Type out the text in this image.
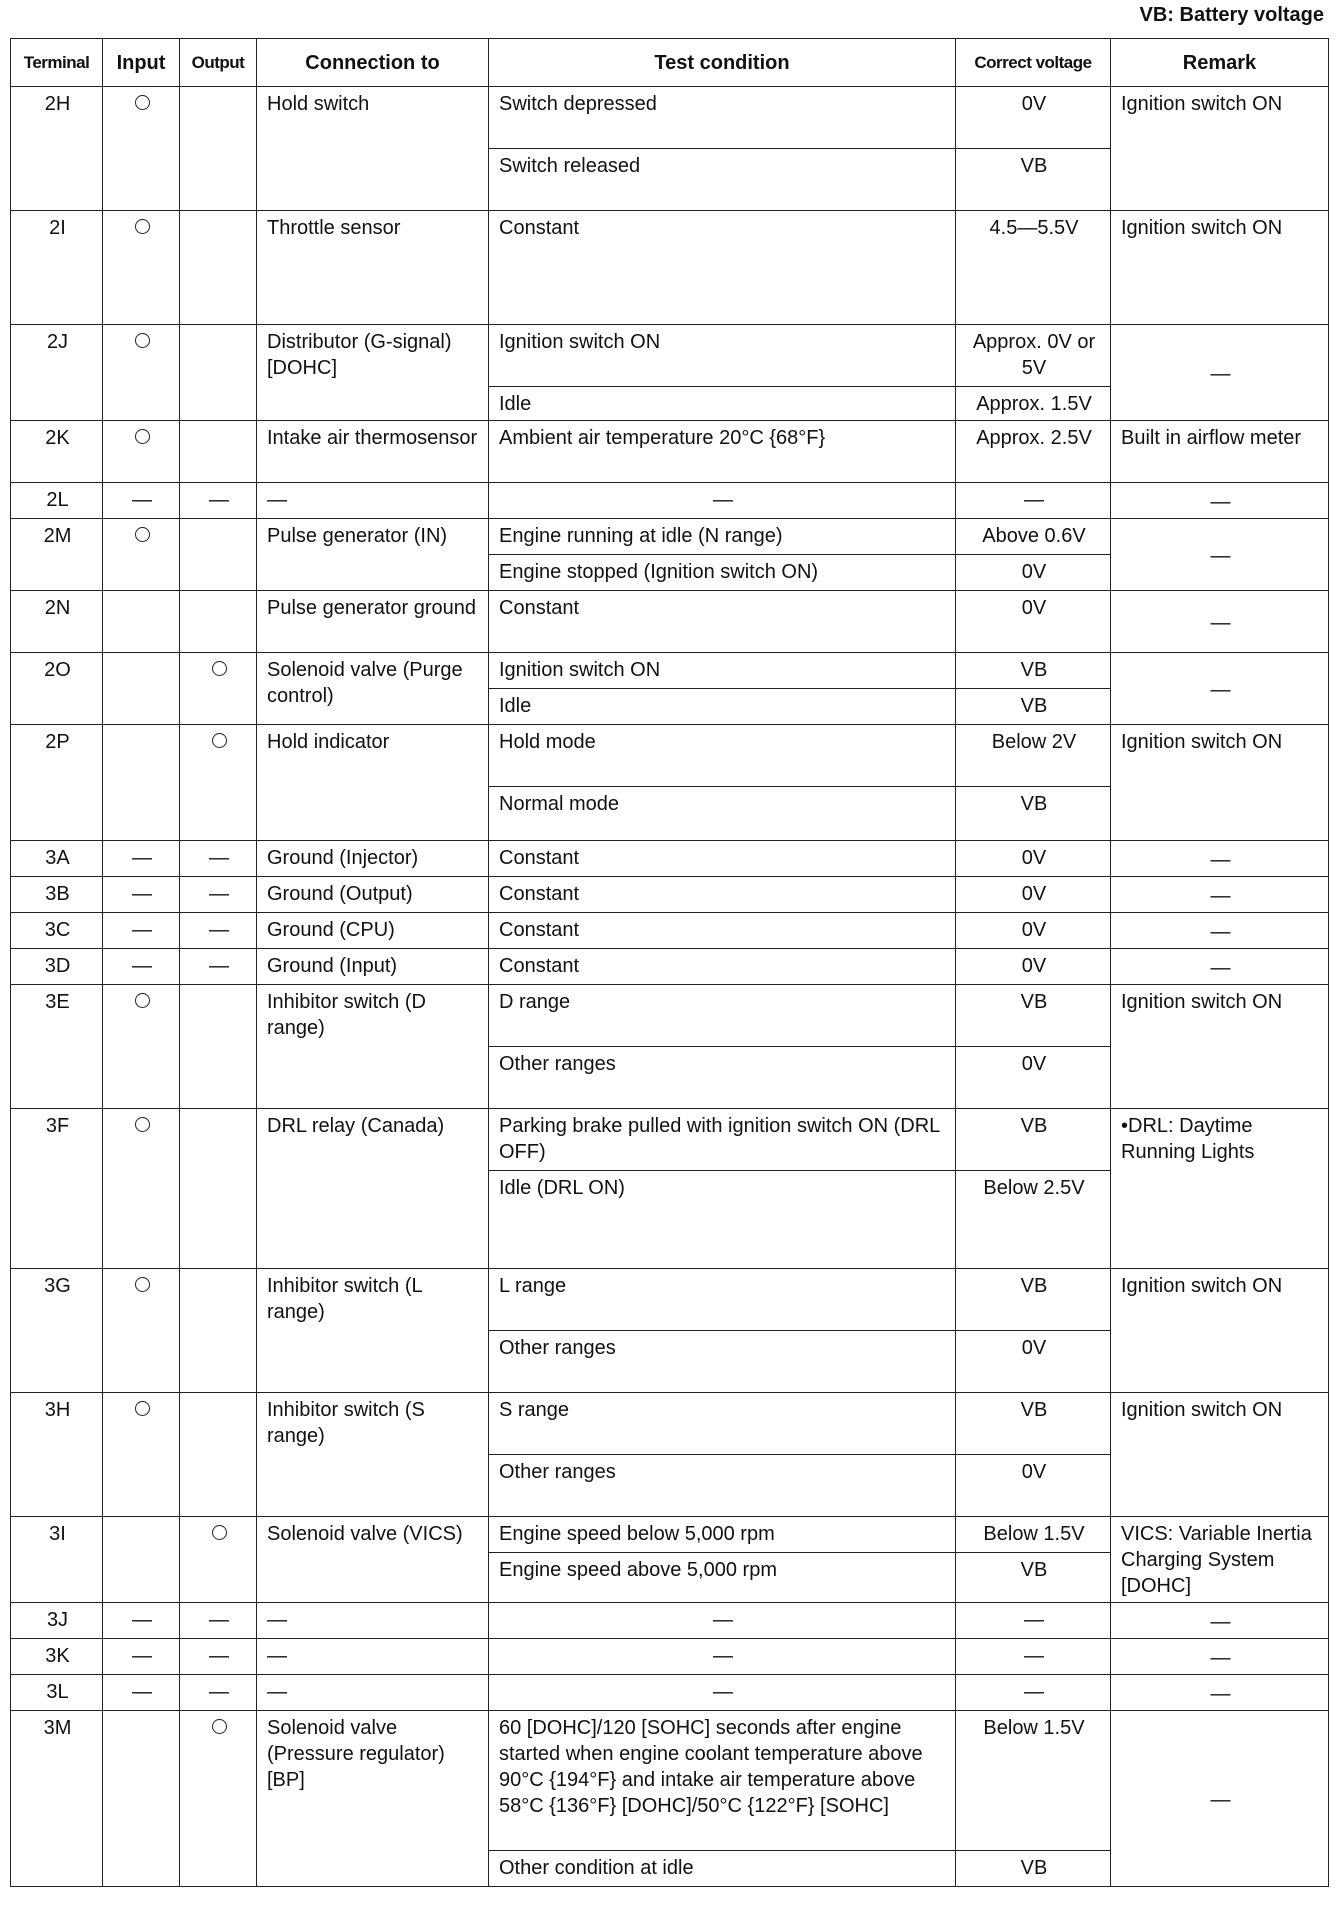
VB: Battery voltage
Terminal	Input	Output	Connection to	Test condition	Correct voltage	Remark
2H			Hold switch	Switch depressed	0V	Ignition switch ON
				Switch released	VB	
2I			Throttle sensor	Constant	4.5—5.5V	Ignition switch ON
2J			Distributor (G-signal) [DOHC]	Ignition switch ON	Approx. 0V or 5V	—
				Idle	Approx. 1.5V	
2K			Intake air thermosensor	Ambient air temperature 20°C {68°F}	Approx. 2.5V	Built in airflow meter
2L	—	—	—	—	—	—
2M			Pulse generator (IN)	Engine running at idle (N range)	Above 0.6V	—
				Engine stopped (Ignition switch ON)	0V	
2N			Pulse generator ground	Constant	0V	—
2O			Solenoid valve (Purge control)	Ignition switch ON	VB	—
				Idle	VB	
2P			Hold indicator	Hold mode	Below 2V	Ignition switch ON
				Normal mode	VB	
3A	—	—	Ground (Injector)	Constant	0V	—
3B	—	—	Ground (Output)	Constant	0V	—
3C	—	—	Ground (CPU)	Constant	0V	—
3D	—	—	Ground (Input)	Constant	0V	—
3E			Inhibitor switch (D range)	D range	VB	Ignition switch ON
				Other ranges	0V	
3F			DRL relay (Canada)	Parking brake pulled with ignition switch ON (DRL OFF)	VB	•DRL: Daytime Running Lights
				Idle (DRL ON)	Below 2.5V	
3G			Inhibitor switch (L range)	L range	VB	Ignition switch ON
				Other ranges	0V	
3H			Inhibitor switch (S range)	S range	VB	Ignition switch ON
				Other ranges	0V	
3I			Solenoid valve (VICS)	Engine speed below 5,000 rpm	Below 1.5V	VICS: Variable Inertia Charging System [DOHC]
				Engine speed above 5,000 rpm	VB	
3J	—	—	—	—	—	—
3K	—	—	—	—	—	—
3L	—	—	—	—	—	—
3M			Solenoid valve (Pressure regulator) [BP]	60 [DOHC]/120 [SOHC] seconds after engine started when engine coolant temperature above 90°C {194°F} and intake air temperature above 58°C {136°F} [DOHC]/50°C {122°F} [SOHC]	Below 1.5V	—
				Other condition at idle	VB	
